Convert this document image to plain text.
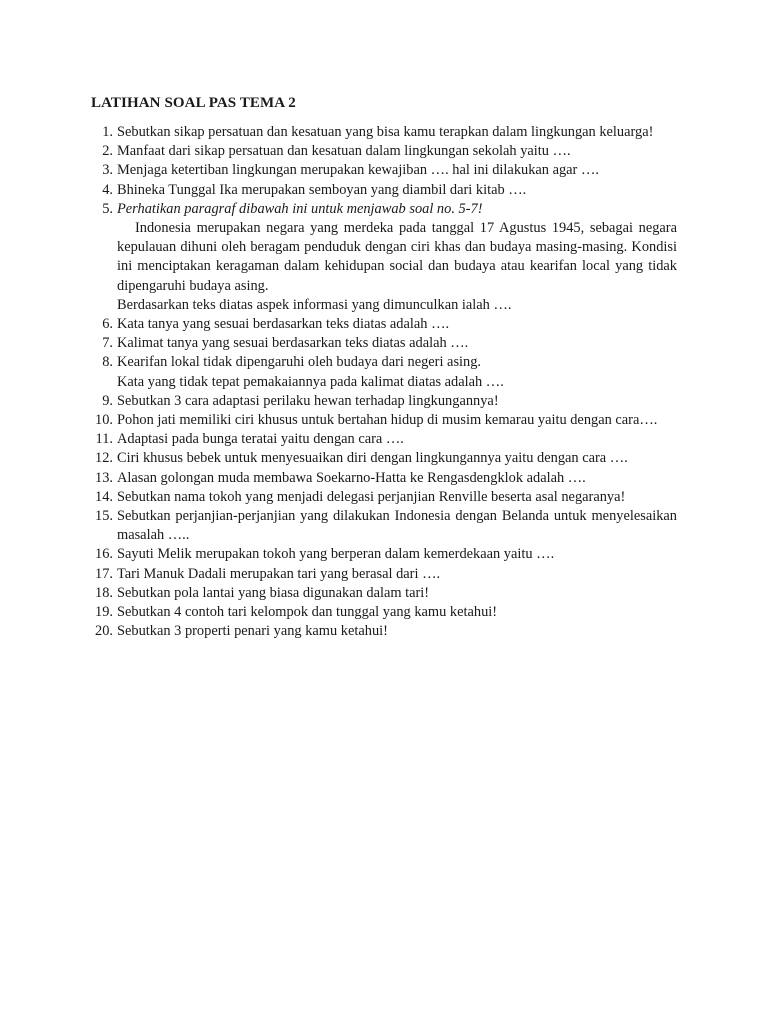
LATIHAN SOAL PAS TEMA 2
1. Sebutkan sikap persatuan dan kesatuan yang bisa kamu terapkan dalam lingkungan keluarga!
2. Manfaat dari sikap persatuan dan kesatuan dalam lingkungan sekolah yaitu ….
3. Menjaga ketertiban lingkungan merupakan kewajiban …. hal ini dilakukan agar ….
4. Bhineka Tunggal Ika merupakan semboyan yang diambil dari kitab ….
5. Perhatikan paragraf dibawah ini untuk menjawab soal no. 5-7!
Indonesia merupakan negara yang merdeka pada tanggal 17 Agustus 1945, sebagai negara kepulauan dihuni oleh beragam penduduk dengan ciri khas dan budaya masing-masing. Kondisi ini menciptakan keragaman dalam kehidupan social dan budaya atau kearifan local yang tidak dipengaruhi budaya asing.
Berdasarkan teks diatas aspek informasi yang dimunculkan ialah ….
6. Kata tanya yang sesuai berdasarkan teks diatas adalah ….
7. Kalimat tanya yang sesuai berdasarkan teks diatas adalah ….
8. Kearifan lokal tidak dipengaruhi oleh budaya dari negeri asing.
Kata yang tidak tepat pemakaiannya pada kalimat diatas adalah ….
9. Sebutkan 3 cara adaptasi perilaku hewan terhadap lingkungannya!
10. Pohon jati memiliki ciri khusus untuk bertahan hidup di musim kemarau yaitu dengan cara….
11. Adaptasi pada bunga teratai yaitu dengan cara ….
12. Ciri khusus bebek untuk menyesuaikan diri dengan lingkungannya yaitu dengan cara ….
13. Alasan golongan muda membawa Soekarno-Hatta ke Rengasdengklok adalah ….
14. Sebutkan nama tokoh yang menjadi delegasi perjanjian Renville beserta asal negaranya!
15. Sebutkan perjanjian-perjanjian yang dilakukan Indonesia dengan Belanda untuk menyelesaikan masalah …..
16. Sayuti Melik merupakan tokoh yang berperan dalam kemerdekaan yaitu ….
17. Tari Manuk Dadali merupakan tari yang berasal dari ….
18. Sebutkan pola lantai yang biasa digunakan dalam tari!
19. Sebutkan 4 contoh tari kelompok dan tunggal yang kamu ketahui!
20. Sebutkan 3 properti penari yang kamu ketahui!
